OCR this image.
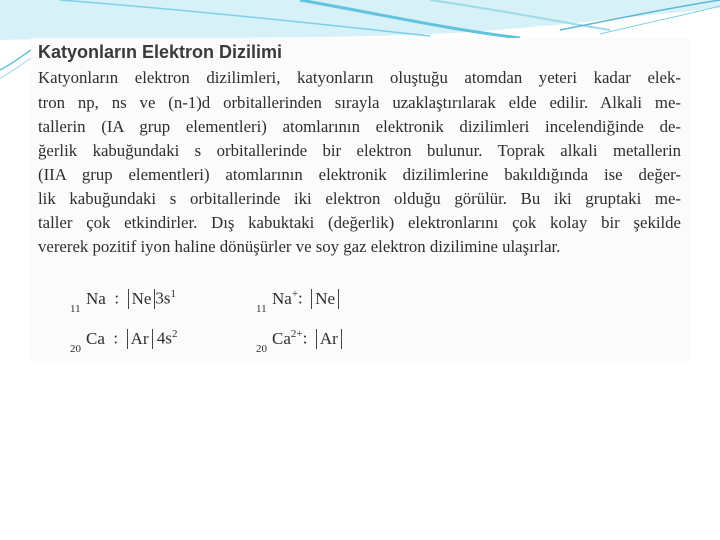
Katyonların Elektron Dizilimi
Katyonların elektron dizilimleri, katyonların oluştuğu atomdan yeteri kadar elek-
tron np, ns ve (n-1)d orbitallerinden sırayla uzaklaştırılarak elde edilir. Alkali me-
tallerin (IA grup elementleri) atomlarının elektronik dizilimleri incelendiğinde de-
ğerlik kabuğundaki s orbitallerinde bir elektron bulunur. Toprak alkali metallerin
(IIA grup elementleri) atomlarının elektronik dizilimlerine bakıldığında ise değer-
lik kabuğundaki s orbitallerinde iki elektron olduğu görülür. Bu iki gruptaki me-
taller çok etkindirler. Dış kabuktaki (değerlik) elektronlarını çok kolay bir şekilde
vererek pozitif iyon haline dönüşürler ve soy gaz elektron dizilimine ulaşırlar.
11
Na : Ne $3s^1$
11
Na+: Ne
20
Ca : Ar $4s^2$
20
$Ca^{2+}$: Ar
